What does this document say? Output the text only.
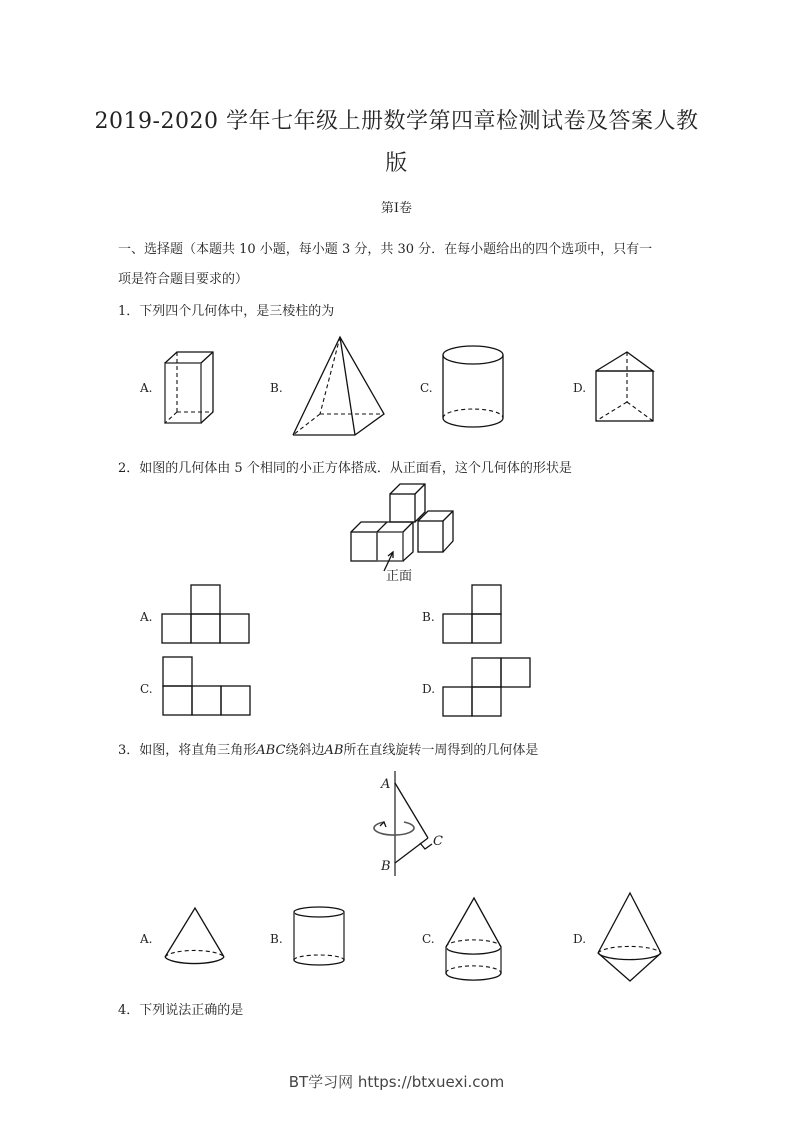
2019-2020 学年七年级上册数学第四章检测试卷及答案人教
版
第Ⅰ卷
一、选择题（本题共 10 小题，每小题 3 分，共 30 分．在每小题给出的四个选项中，只有一
项是符合题目要求的）
1．下列四个几何体中，是三棱柱的为
A.	B.	C.	D.
2．如图的几何体由 5 个相同的小正方体搭成．从正面看，这个几何体的形状是
正面
A.	B.
C.	D.
3．如图，将直角三角形ABC绕斜边AB所在直线旋转一周得到的几何体是
A
B
C
A.	B.	C.	D.
4．下列说法正确的是
BT学习网 https://btxuexi.com
